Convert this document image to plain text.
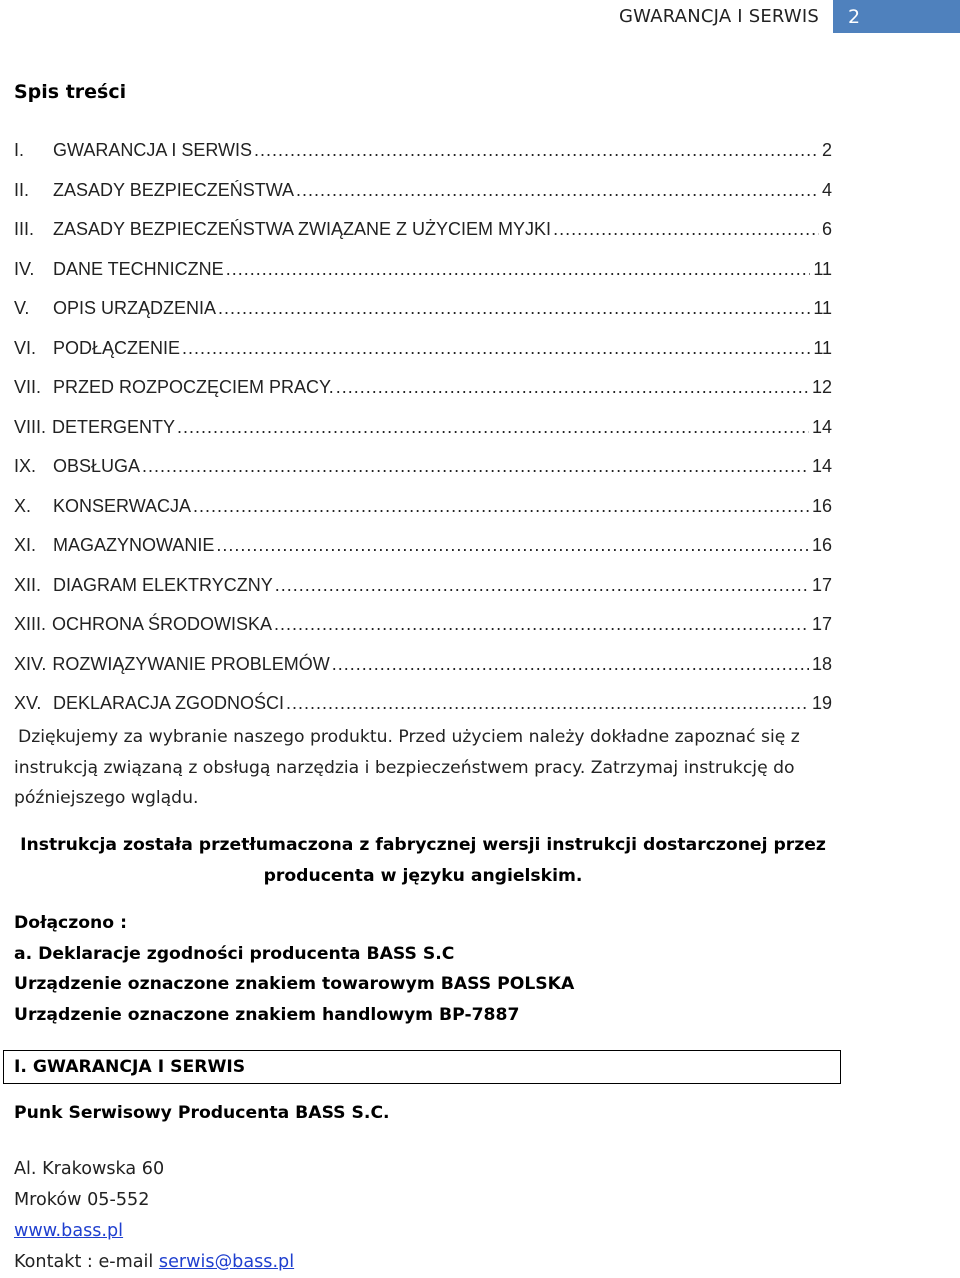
GWARANCJA I SERWIS	2
Spis treści
I.	GWARANCJA I SERWIS .....	2
II.	ZASADY BEZPIECZEŃSTWA .....	4
III.	ZASADY BEZPIECZEŃSTWA ZWIĄZANE Z UŻYCIEM MYJKI .....	6
IV.	DANE TECHNICZNE .....	11
V.	OPIS URZĄDZENIA .....	11
VI. PODŁĄCZENIE .....	11
VII. PRZED ROZPOCZĘCIEM PRACY. .....	12
VIII. DETERGENTY .....	14
IX. OBSŁUGA .....	14
X.	KONSERWACJA .....	16
XI. MAGAZYNOWANIE .....	16
XII. DIAGRAM ELEKTRYCZNY .....	17
XIII. OCHRONA ŚRODOWISKA .....	17
XIV. ROZWIĄZYWANIE PROBLEMÓW .....	18
XV. DEKLARACJA ZGODNOŚCI .....	19

Dziękujemy za wybranie naszego produktu. Przed użyciem należy dokładne zapoznać się z

instrukcją związaną z obsługą narzędzia i bezpieczeństwem pracy. Zatrzymaj instrukcję do

późniejszego wglądu.

Instrukcja została przetłumaczona z fabrycznej wersji instrukcji dostarczonej przez
producenta w języku angielskim.
Dołączono :
a. Deklaracje zgodności producenta BASS S.C
Urządzenie oznaczone znakiem towarowym BASS POLSKA
Urządzenie oznaczone znakiem handlowym BP-7887
I. GWARANCJA I SERWIS
Punk Serwisowy Producenta BASS S.C.
Al. Krakowska 60
Mroków 05-552
www.bass.pl
Kontakt : e-mail serwis@bass.pl
